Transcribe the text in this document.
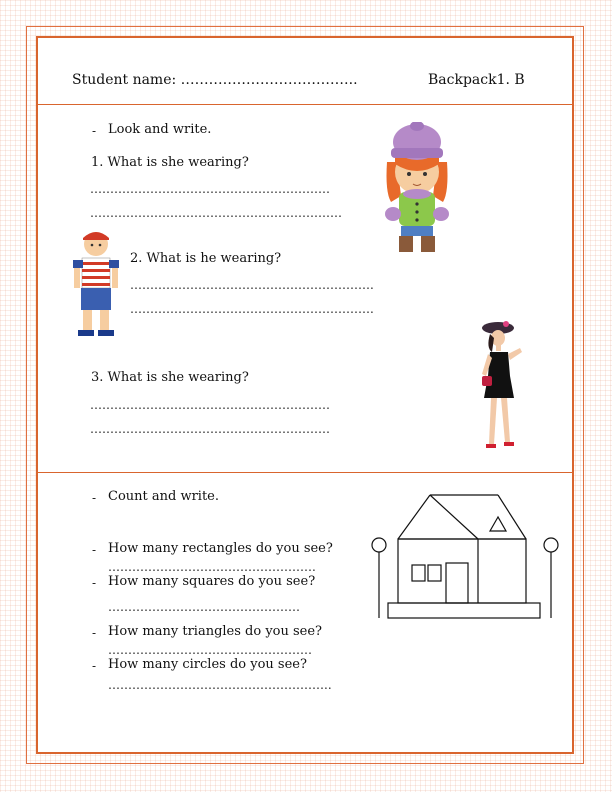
Student name: ………………………………..	Backpack1. B
- Look and write.
1. What is she wearing?
……………………………………………………
………………………………………………………
2. What is he wearing?
…………………………………………………….
…………………………………………………….
3. What is she wearing?
……………………………………………………
……………………………………………………
- Count and write.
- How many rectangles do you see?
…………………………………………….
- How many squares do you see?
…………………………………………
- How many triangles do you see?
……………………………………………
- How many circles do you see?
………………………………………………..
